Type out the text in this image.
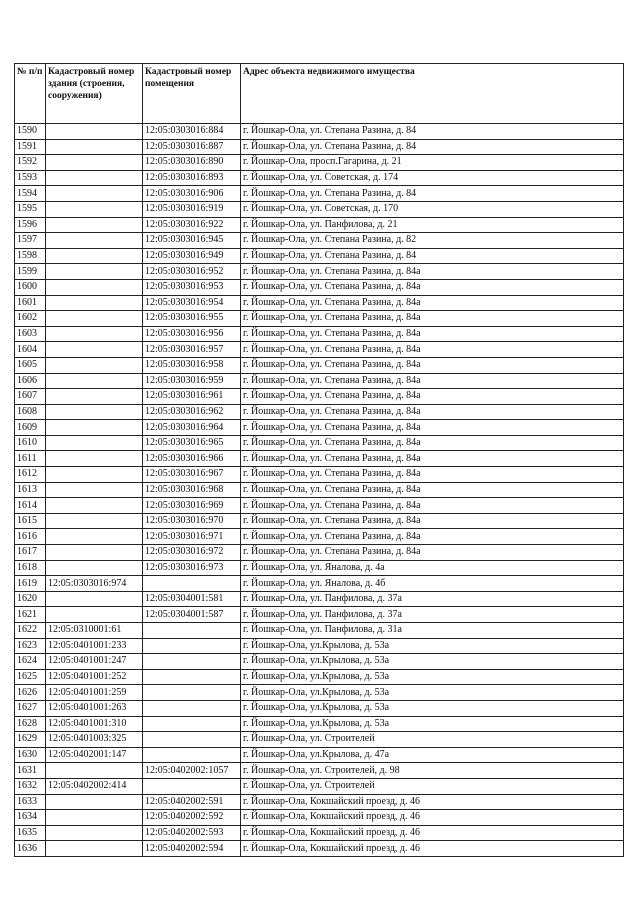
№ п/п	Кадастровый номер здания (строения, сооружения)	Кадастровый номер помещения	Адрес объекта недвижимого имущества
1590		12:05:0303016:884	г. Йошкар-Ола, ул. Степана Разина, д. 84
1591		12:05:0303016:887	г. Йошкар-Ола, ул. Степана Разина, д. 84
1592		12:05:0303016:890	г. Йошкар-Ола, просп.Гагарина, д. 21
1593		12:05:0303016:893	г. Йошкар-Ола, ул. Советская, д. 174
1594		12:05:0303016:906	г. Йошкар-Ола, ул. Степана Разина, д. 84
1595		12:05:0303016:919	г. Йошкар-Ола, ул. Советская, д. 170
1596		12:05:0303016:922	г. Йошкар-Ола, ул. Панфилова, д. 21
1597		12:05:0303016:945	г. Йошкар-Ола, ул. Степана Разина, д. 82
1598		12:05:0303016:949	г. Йошкар-Ола, ул. Степана Разина, д. 84
1599		12:05:0303016:952	г. Йошкар-Ола, ул. Степана Разина, д. 84а
1600		12:05:0303016:953	г. Йошкар-Ола, ул. Степана Разина, д. 84а
1601		12:05:0303016:954	г. Йошкар-Ола, ул. Степана Разина, д. 84а
1602		12:05:0303016:955	г. Йошкар-Ола, ул. Степана Разина, д. 84а
1603		12:05:0303016:956	г. Йошкар-Ола, ул. Степана Разина, д. 84а
1604		12:05:0303016:957	г. Йошкар-Ола, ул. Степана Разина, д. 84а
1605		12:05:0303016:958	г. Йошкар-Ола, ул. Степана Разина, д. 84а
1606		12:05:0303016:959	г. Йошкар-Ола, ул. Степана Разина, д. 84а
1607		12:05:0303016:961	г. Йошкар-Ола, ул. Степана Разина, д. 84а
1608		12:05:0303016:962	г. Йошкар-Ола, ул. Степана Разина, д. 84а
1609		12:05:0303016:964	г. Йошкар-Ола, ул. Степана Разина, д. 84а
1610		12:05:0303016:965	г. Йошкар-Ола, ул. Степана Разина, д. 84а
1611		12:05:0303016:966	г. Йошкар-Ола, ул. Степана Разина, д. 84а
1612		12:05:0303016:967	г. Йошкар-Ола, ул. Степана Разина, д. 84а
1613		12:05:0303016:968	г. Йошкар-Ола, ул. Степана Разина, д. 84а
1614		12:05:0303016:969	г. Йошкар-Ола, ул. Степана Разина, д. 84а
1615		12:05:0303016:970	г. Йошкар-Ола, ул. Степана Разина, д. 84а
1616		12:05:0303016:971	г. Йошкар-Ола, ул. Степана Разина, д. 84а
1617		12:05:0303016:972	г. Йошкар-Ола, ул. Степана Разина, д. 84а
1618		12:05:0303016:973	г. Йошкар-Ола, ул. Яналова, д. 4а
1619	12:05:0303016:974		г. Йошкар-Ола, ул. Яналова, д. 4б
1620		12:05:0304001:581	г. Йошкар-Ола, ул. Панфилова, д. 37а
1621		12:05:0304001:587	г. Йошкар-Ола, ул. Панфилова, д. 37а
1622	12:05:0310001:61		г. Йошкар-Ола, ул. Панфилова, д. 31а
1623	12:05:0401001:233		г. Йошкар-Ола, ул.Крылова, д. 53а
1624	12:05:0401001:247		г. Йошкар-Ола, ул.Крылова, д. 53а
1625	12:05:0401001:252		г. Йошкар-Ола, ул.Крылова, д. 53а
1626	12:05:0401001:259		г. Йошкар-Ола, ул.Крылова, д. 53а
1627	12:05:0401001:263		г. Йошкар-Ола, ул.Крылова, д. 53а
1628	12:05:0401001:310		г. Йошкар-Ола, ул.Крылова, д. 53а
1629	12:05:0401003:325		г. Йошкар-Ола, ул. Строителей
1630	12:05:0402001:147		г. Йошкар-Ола, ул.Крылова, д. 47а
1631		12:05:0402002:1057	г. Йошкар-Ола, ул. Строителей, д. 98
1632	12:05:0402002:414		г. Йошкар-Ола, ул. Строителей
1633		12:05:0402002:591	г. Йошкар-Ола, Кокшайский проезд, д. 46
1634		12:05:0402002:592	г. Йошкар-Ола, Кокшайский проезд, д. 46
1635		12:05:0402002:593	г. Йошкар-Ола, Кокшайский проезд, д. 46
1636		12:05:0402002:594	г. Йошкар-Ола, Кокшайский проезд, д. 46
